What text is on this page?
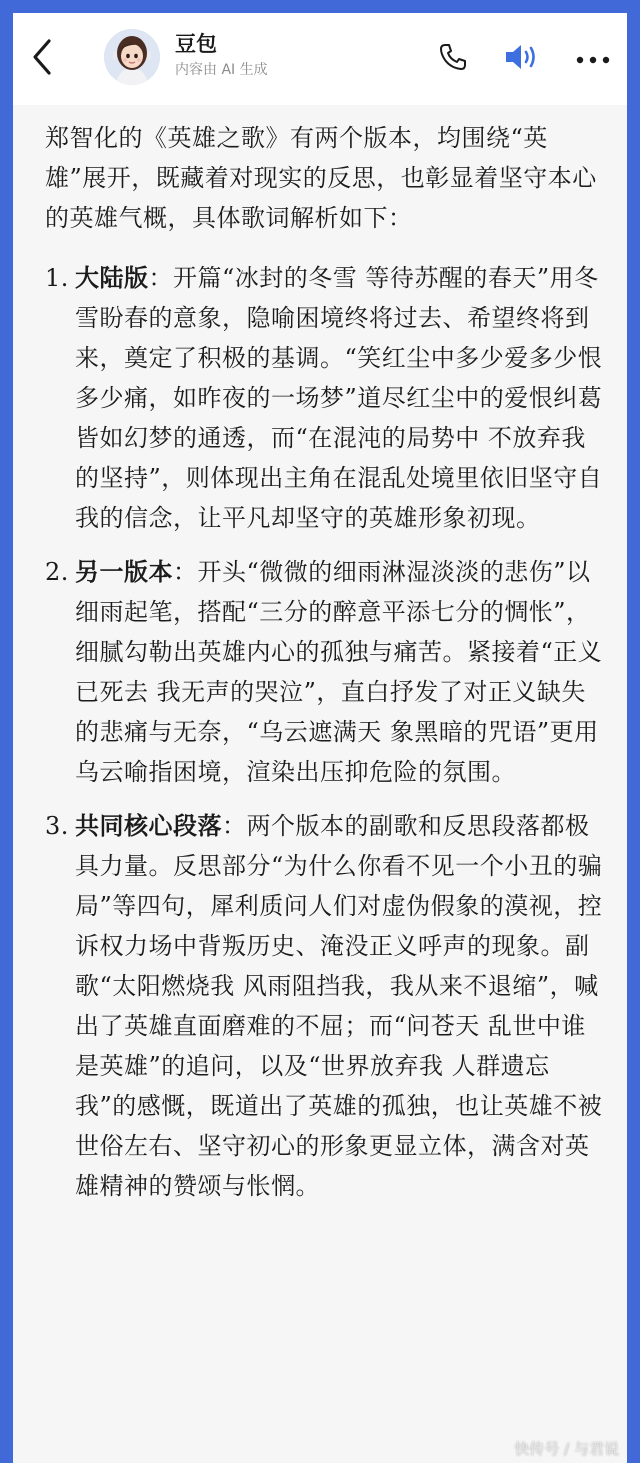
豆包
内容由 AI 生成

郑智化的《英雄之歌》有两个版本，均围绕“英雄”展开，既藏着对现实的反思，也彰显着坚守本心的英雄气概，具体歌词解析如下：

1. 大陆版：开篇“冰封的冬雪 等待苏醒的春天”用冬雪盼春的意象，隐喻困境终将过去、希望终将到来，奠定了积极的基调。“笑红尘中多少爱多少恨多少痛，如昨夜的一场梦”道尽红尘中的爱恨纠葛皆如幻梦的通透，而“在混沌的局势中 不放弃我的坚持”，则体现出主角在混乱处境里依旧坚守自我的信念，让平凡却坚守的英雄形象初现。
2. 另一版本：开头“微微的细雨淋湿淡淡的悲伤”以细雨起笔，搭配“三分的醉意平添七分的惆怅”，细腻勾勒出英雄内心的孤独与痛苦。紧接着“正义已死去 我无声的哭泣”，直白抒发了对正义缺失的悲痛与无奈，“乌云遮满天 象黑暗的咒语”更用乌云喻指困境，渲染出压抑危险的氛围。
3. 共同核心段落：两个版本的副歌和反思段落都极具力量。反思部分“为什么你看不见一个小丑的骗局”等四句，犀利质问人们对虚伪假象的漠视，控诉权力场中背叛历史、淹没正义呼声的现象。副歌“太阳燃烧我 风雨阻挡我，我从来不退缩”，喊出了英雄直面磨难的不屈；而“问苍天 乱世中谁是英雄”的追问，以及“世界放弃我 人群遗忘我”的感慨，既道出了英雄的孤独，也让英雄不被世俗左右、坚守初心的形象更显立体，满含对英雄精神的赞颂与怅惘。
快传号 / 与君说
